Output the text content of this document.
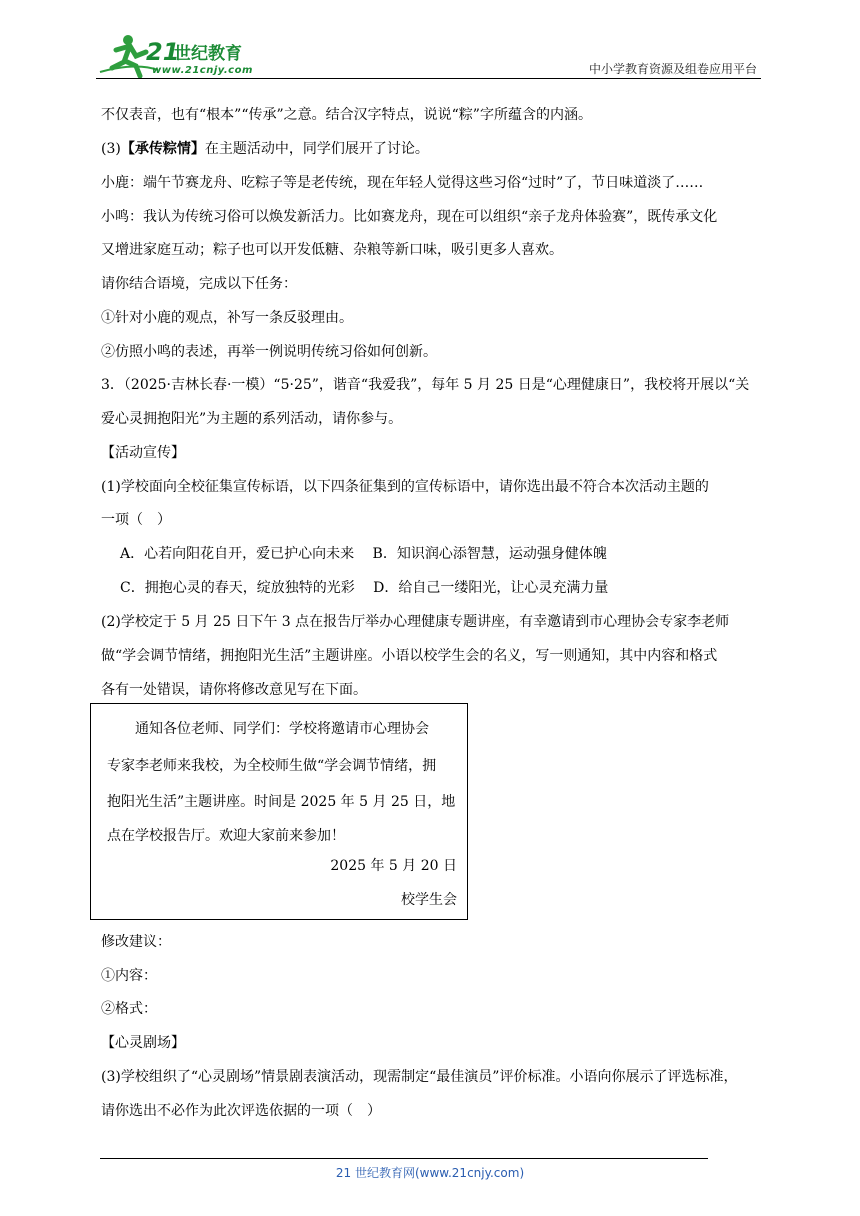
21
世纪教育
www.21cnjy.com	中小学教育资源及组卷应用平台
不仅表音，也有“根本”“传承”之意。结合汉字特点，说说“粽”字所蕴含的内涵。
(3)【承传粽情】在主题活动中，同学们展开了讨论。
小鹿：端午节赛龙舟、吃粽子等是老传统，现在年轻人觉得这些习俗“过时”了，节日味道淡了……
小鸣：我认为传统习俗可以焕发新活力。比如赛龙舟，现在可以组织“亲子龙舟体验赛”，既传承文化
又增进家庭互动；粽子也可以开发低糖、杂粮等新口味，吸引更多人喜欢。
请你结合语境，完成以下任务：
①针对小鹿的观点，补写一条反驳理由。
②仿照小鸣的表述，再举一例说明传统习俗如何创新。
3．（2025·吉林长春·一模）“5·25”，谐音“我爱我”，每年 5 月 25 日是“心理健康日”，我校将开展以“关
爱心灵拥抱阳光”为主题的系列活动，请你参与。
【活动宣传】
(1)学校面向全校征集宣传标语，以下四条征集到的宣传标语中，请你选出最不符合本次活动主题的
一项（　）
A．心若向阳花自开，爱已护心向未来　 B．知识润心添智慧，运动强身健体魄
C．拥抱心灵的春天，绽放独特的光彩　 D．给自己一缕阳光，让心灵充满力量
(2)学校定于 5 月 25 日下午 3 点在报告厅举办心理健康专题讲座，有幸邀请到市心理协会专家李老师
做“学会调节情绪，拥抱阳光生活”主题讲座。小语以校学生会的名义，写一则通知，其中内容和格式
各有一处错误，请你将修改意见写在下面。
通知各位老师、同学们：学校将邀请市心理协会
专家李老师来我校，为全校师生做“学会调节情绪，拥
抱阳光生活”主题讲座。时间是 2025 年 5 月 25 日，地
点在学校报告厅。欢迎大家前来参加！
2025 年 5 月 20 日
校学生会
修改建议：
①内容：
②格式：
【心灵剧场】
(3)学校组织了“心灵剧场”情景剧表演活动，现需制定“最佳演员”评价标准。小语向你展示了评选标准，
请你选出不必作为此次评选依据的一项（　）
21 世纪教育网(www.21cnjy.com)
